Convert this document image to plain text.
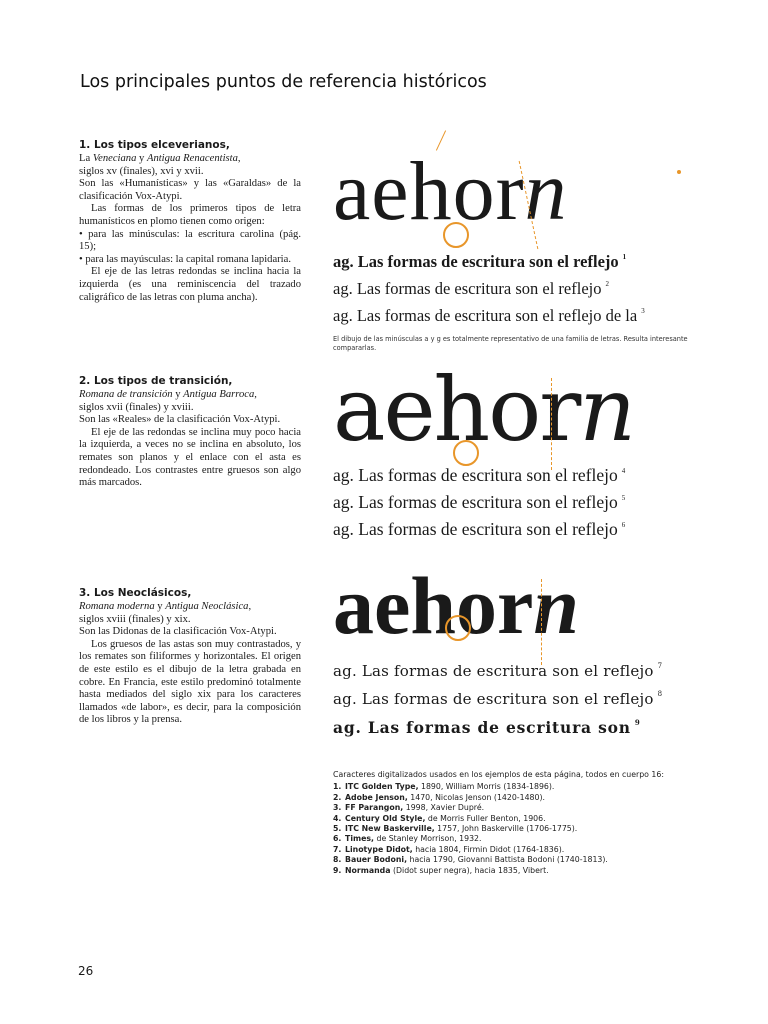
Los principales puntos de referencia históricos
1. Los tipos elceverianos,

La Veneciana y Antigua Renacentista,

siglos xv (finales), xvi y xvii.

Son las «Humanísticas» y las «Garaldas» de la clasificación Vox-Atypi.

Las formas de los primeros tipos de letra humanísticos en plomo tienen como origen:

• para las minúsculas: la escritura carolina (pág. 15);

• para las mayúsculas: la capital romana lapidaria.

El eje de las letras redondas se inclina hacia la izquierda (es una reminiscencia del trazado caligráfico de las letras con pluma ancha).

2. Los tipos de transición,

Romana de transición y Antigua Barroca,

siglos xvii (finales) y xviii.

Son las «Reales» de la clasificación Vox-Atypi.

El eje de las redondas se inclina muy poco hacia la izquierda, a veces no se inclina en absoluto, los remates son planos y el enlace con el asta es redondeado. Los contrastes entre gruesos son algo más marcados.

3. Los Neoclásicos,

Romana moderna y Antigua Neoclásica,

siglos xviii (finales) y xix.

Son las Didonas de la clasificación Vox-Atypi.

Los gruesos de las astas son muy contrastados, y los remates son filiformes y horizontales. El origen de este estilo es el dibujo de la letra grabada en cobre. En Francia, este estilo predominó totalmente hasta mediados del siglo xix para los caracteres llamados «de labor», es decir, para la composición de los libros y la prensa.

aehorn
ag. Las formas de escritura son el reflejo $^1$
ag. Las formas de escritura son el reflejo $^2$
ag. Las formas de escritura son el reflejo de la $^3$
El dibujo de las minúsculas a y g es totalmente representativo de una familia de letras. Resulta interesante compararlas.
aehorn
ag. Las formas de escritura son el reflejo $^4$
ag. Las formas de escritura son el reflejo $^5$
ag. Las formas de escritura son el reflejo $^6$
aehorn
ag. Las formas de escritura son el reflejo $^7$
ag. Las formas de escritura son el reflejo $^8$
ag. Las formas de escritura son $^9$
Caracteres digitalizados usados en los ejemplos de esta página, todos en cuerpo 16:
1. ITC Golden Type, 1890, William Morris (1834-1896).
2. Adobe Jenson, 1470, Nicolas Jenson (1420-1480).
3. FF Parangon, 1998, Xavier Dupré.
4. Century Old Style, de Morris Fuller Benton, 1906.
5. ITC New Baskerville, 1757, John Baskerville (1706-1775).
6. Times, de Stanley Morrison, 1932.
7. Linotype Didot, hacia 1804, Firmin Didot (1764-1836).
8. Bauer Bodoni, hacia 1790, Giovanni Battista Bodoni (1740-1813).
9. Normanda (Didot super negra), hacia 1835, Vibert.
26
